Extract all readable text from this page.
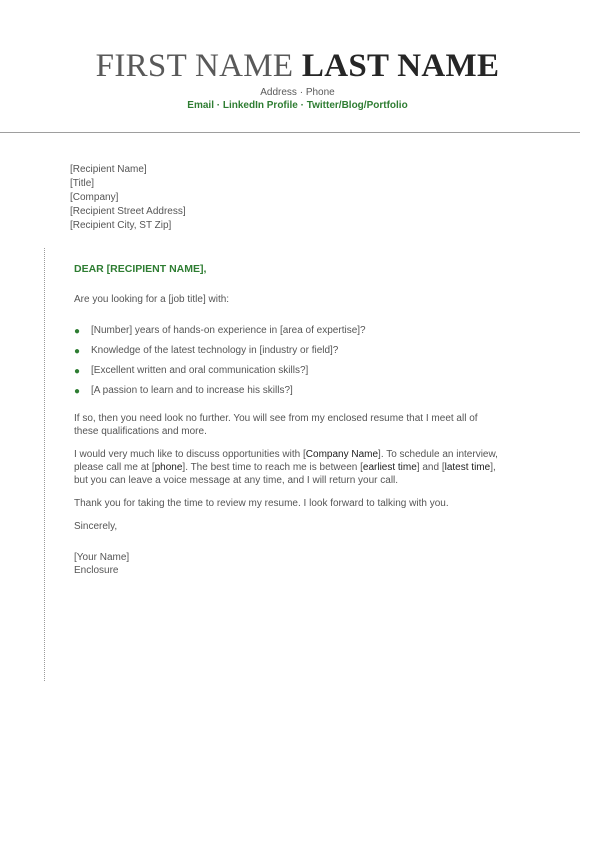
FIRST NAME LAST NAME
Address · Phone
Email · LinkedIn Profile · Twitter/Blog/Portfolio
[Recipient Name]
[Title]
[Company]
[Recipient Street Address]
[Recipient City, ST Zip]
DEAR [RECIPIENT NAME],

Are you looking for a [job title] with:

● [Number] years of hands-on experience in [area of expertise]?
● Knowledge of the latest technology in [industry or field]?
● [Excellent written and oral communication skills?]
● [A passion to learn and to increase his skills?]

If so, then you need look no further. You will see from my enclosed resume that I meet all of these qualifications and more.

I would very much like to discuss opportunities with [Company Name]. To schedule an interview, please call me at [phone]. The best time to reach me is between [earliest time] and [latest time], but you can leave a voice message at any time, and I will return your call.

Thank you for taking the time to review my resume. I look forward to talking with you.

Sincerely,

[Your Name]
Enclosure
